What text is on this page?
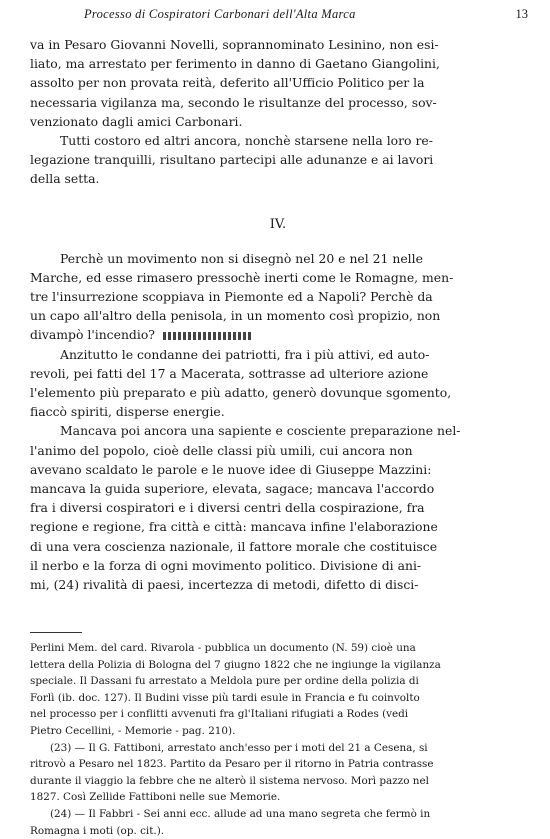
Processo di Cospiratori Carbonari dell'Alta Marca	13
va in Pesaro Giovanni Novelli, soprannominato Lesinino, non esi-
liato, ma arrestato per ferimento in danno di Gaetano Giangolini,
assolto per non provata reità, deferito all'Ufficio Politico per la
necessaria vigilanza ma, secondo le risultanze del processo, sov-
venzionato dagli amici Carbonari.
Tutti costoro ed altri ancora, nonchè starsene nella loro re-
legazione tranquilli, risultano partecipi alle adunanze e ai lavori
della setta.

IV.

Perchè un movimento non si disegnò nel 20 e nel 21 nelle
Marche, ed esse rimasero pressochè inerti come le Romagne, men-
tre l'insurrezione scoppiava in Piemonte ed a Napoli? Perchè da
un capo all'altro della penisola, in un momento così propizio, non
divampò l'incendio?
Anzitutto le condanne dei patriotti, fra i più attivi, ed auto-
revoli, pei fatti del 17 a Macerata, sottrasse ad ulteriore azione
l'elemento più preparato e più adatto, generò dovunque sgomento,
fiaccò spiriti, disperse energie.
Mancava poi ancora una sapiente e cosciente preparazione nel-
l'animo del popolo, cioè delle classi più umili, cui ancora non
avevano scaldato le parole e le nuove idee di Giuseppe Mazzini:
mancava la guida superiore, elevata, sagace; mancava l'accordo
fra i diversi cospiratori e i diversi centri della cospirazione, fra
regione e regione, fra città e città: mancava infine l'elaborazione
di una vera coscienza nazionale, il fattore morale che costituisce
il nerbo e la forza di ogni movimento politico. Divisione di ani-
mi, (24) rivalità di paesi, incertezza di metodi, difetto di disci-
Perlini Mem. del card. Rivarola - pubblica un documento (N. 59) cioè una
lettera della Polizia di Bologna del 7 giugno 1822 che ne ingiunge la vigilanza
speciale. Il Dassani fu arrestato a Meldola pure per ordine della polizia di
Forlì (ib. doc. 127). Il Budini visse più tardi esule in Francia e fu coinvolto
nel processo per i conflitti avvenuti fra gl'Italiani rifugiati a Rodes (vedi
Pietro Cecellini, - Memorie - pag. 210).
(23) — Il G. Fattiboni, arrestato anch'esso per i moti del 21 a Cesena, si
ritrovò a Pesaro nel 1823. Partito da Pesaro per il ritorno in Patria contrasse
durante il viaggio la febbre che ne alterò il sistema nervoso. Morì pazzo nel
1827. Così Zellide Fattiboni nelle sue Memorie.
(24) — Il Fabbri - Sei anni ecc. allude ad una mano segreta che fermò in
Romagna i moti (op. cit.).
